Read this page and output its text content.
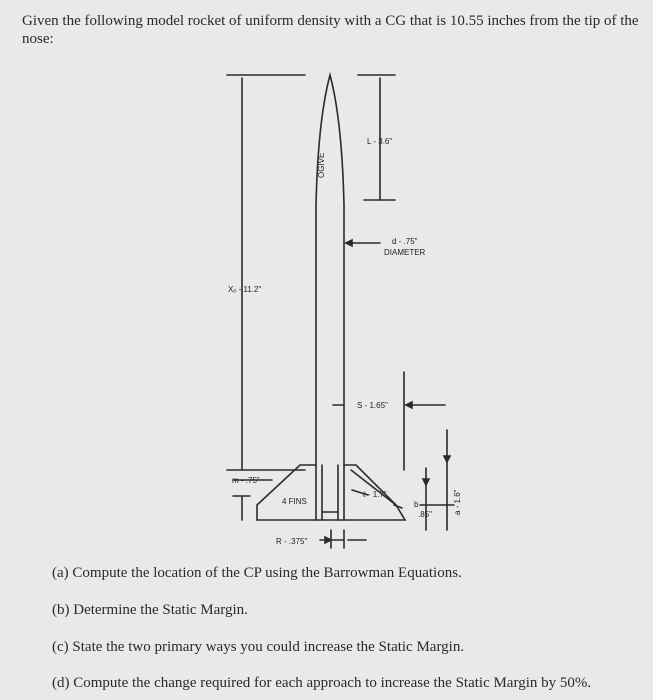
Given the following model rocket of uniform density with a CG that is 10.55 inches from the tip of the nose:
L - 3.6"
OGIVE
d - .75"
DIAMETER
Xₒ - 11.2"
S - 1.65"
m - .75"
4 FINS
ℓ - 1.7"
b -
.85"	a - 1.6"
R - .375"
(a) Compute the location of the CP using the Barrowman Equations.
(b) Determine the Static Margin.
(c) State the two primary ways you could increase the Static Margin.
(d) Compute the change required for each approach to increase the Static Margin by 50%.
